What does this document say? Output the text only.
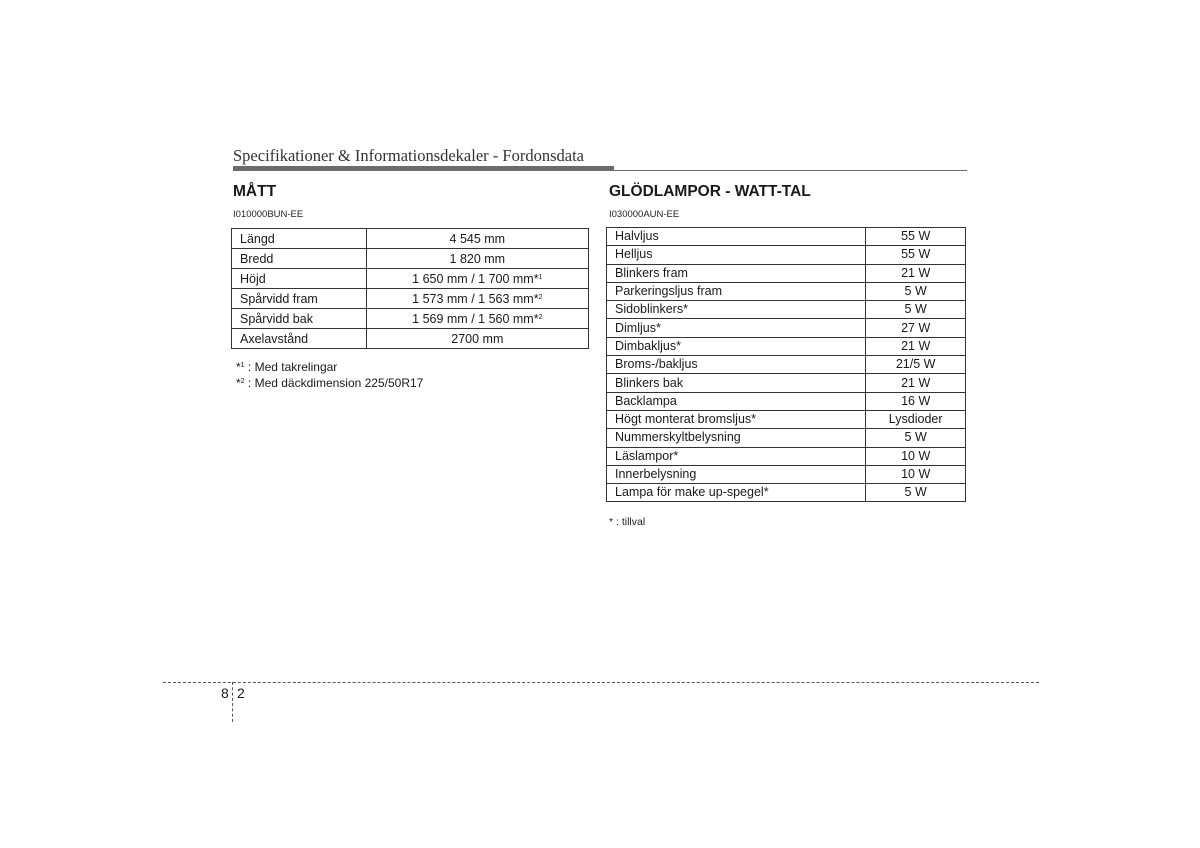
Specifikationer & Informationsdekaler - Fordonsdata
MÅTT
I010000BUN-EE
Längd	4 545 mm
Bredd	1 820 mm
Höjd	1 650 mm / 1 700 mm*$^1$
Spårvidd fram	1 573 mm / 1 563 mm*$^2$
Spårvidd bak	1 569 mm / 1 560 mm*$^2$
Axelavstånd	2700 mm
*$^1$ : Med takrelingar
*$^2$ : Med däckdimension 225/50R17
GLÖDLAMPOR - WATT-TAL
I030000AUN-EE
Halvljus	55 W
Helljus	55 W
Blinkers fram	21 W
Parkeringsljus fram	5 W
Sidoblinkers*	5 W
Dimljus*	27 W
Dimbakljus*	21 W
Broms-/bakljus	21/5 W
Blinkers bak	21 W
Backlampa	16 W
Högt monterat bromsljus*	Lysdioder
Nummerskyltbelysning	5 W
Läslampor*	10 W
Innerbelysning	10 W
Lampa för make up-spegel*	5 W
* : tillval
8 2
